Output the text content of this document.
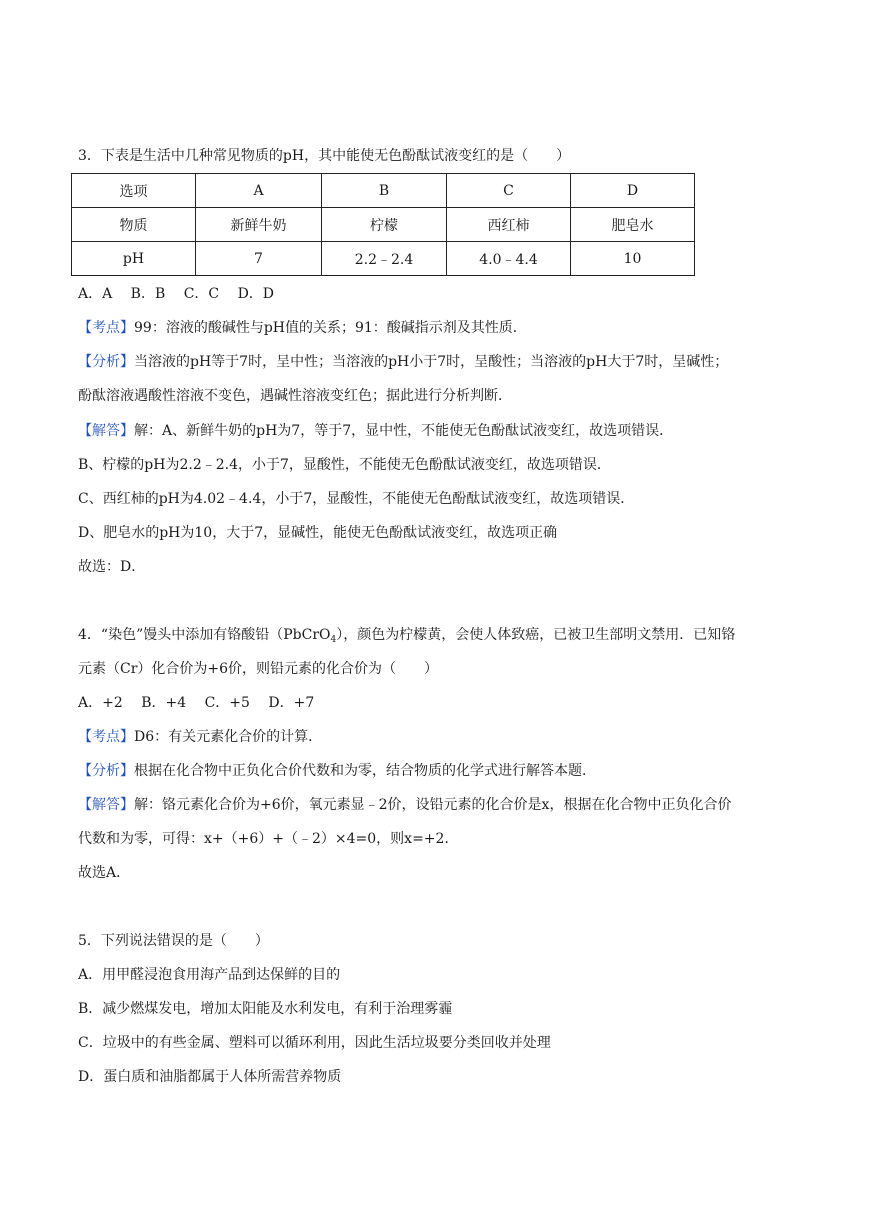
3．下表是生活中几种常见物质的pH，其中能使无色酚酞试液变红的是（　　）
选项	A	B	C	D
物质	新鲜牛奶	柠檬	西红柿	肥皂水
pH	7	2.2﹣2.4	4.0﹣4.4	10
A．A　 B．B　 C．C　 D．D
【考点】99：溶液的酸碱性与pH值的关系；91：酸碱指示剂及其性质．
【分析】当溶液的pH等于7时，呈中性；当溶液的pH小于7时，呈酸性；当溶液的pH大于7时，呈碱性；
酚酞溶液遇酸性溶液不变色，遇碱性溶液变红色；据此进行分析判断．
【解答】解：A、新鲜牛奶的pH为7，等于7，显中性，不能使无色酚酞试液变红，故选项错误．
B、柠檬的pH为2.2﹣2.4，小于7，显酸性，不能使无色酚酞试液变红，故选项错误．
C、西红柿的pH为4.02﹣4.4，小于7，显酸性，不能使无色酚酞试液变红，故选项错误．
D、肥皂水的pH为10，大于7，显碱性，能使无色酚酞试液变红，故选项正确
故选：D．
4．“染色”馒头中添加有铬酸铅（PbCrO$_4$），颜色为柠檬黄，会使人体致癌，已被卫生部明文禁用．已知铬
元素（Cr）化合价为+6价，则铅元素的化合价为（　　）
A．+2　 B．+4　 C．+5　 D．+7
【考点】D6：有关元素化合价的计算．
【分析】根据在化合物中正负化合价代数和为零，结合物质的化学式进行解答本题．
【解答】解：铬元素化合价为+6价，氧元素显﹣2价，设铅元素的化合价是x，根据在化合物中正负化合价
代数和为零，可得：x+（+6）+（﹣2）×4=0，则x=+2．
故选A．
5．下列说法错误的是（　　）
A．用甲醛浸泡食用海产品到达保鲜的目的
B．减少燃煤发电，增加太阳能及水利发电，有利于治理雾霾
C．垃圾中的有些金属、塑料可以循环利用，因此生活垃圾要分类回收并处理
D．蛋白质和油脂都属于人体所需营养物质
